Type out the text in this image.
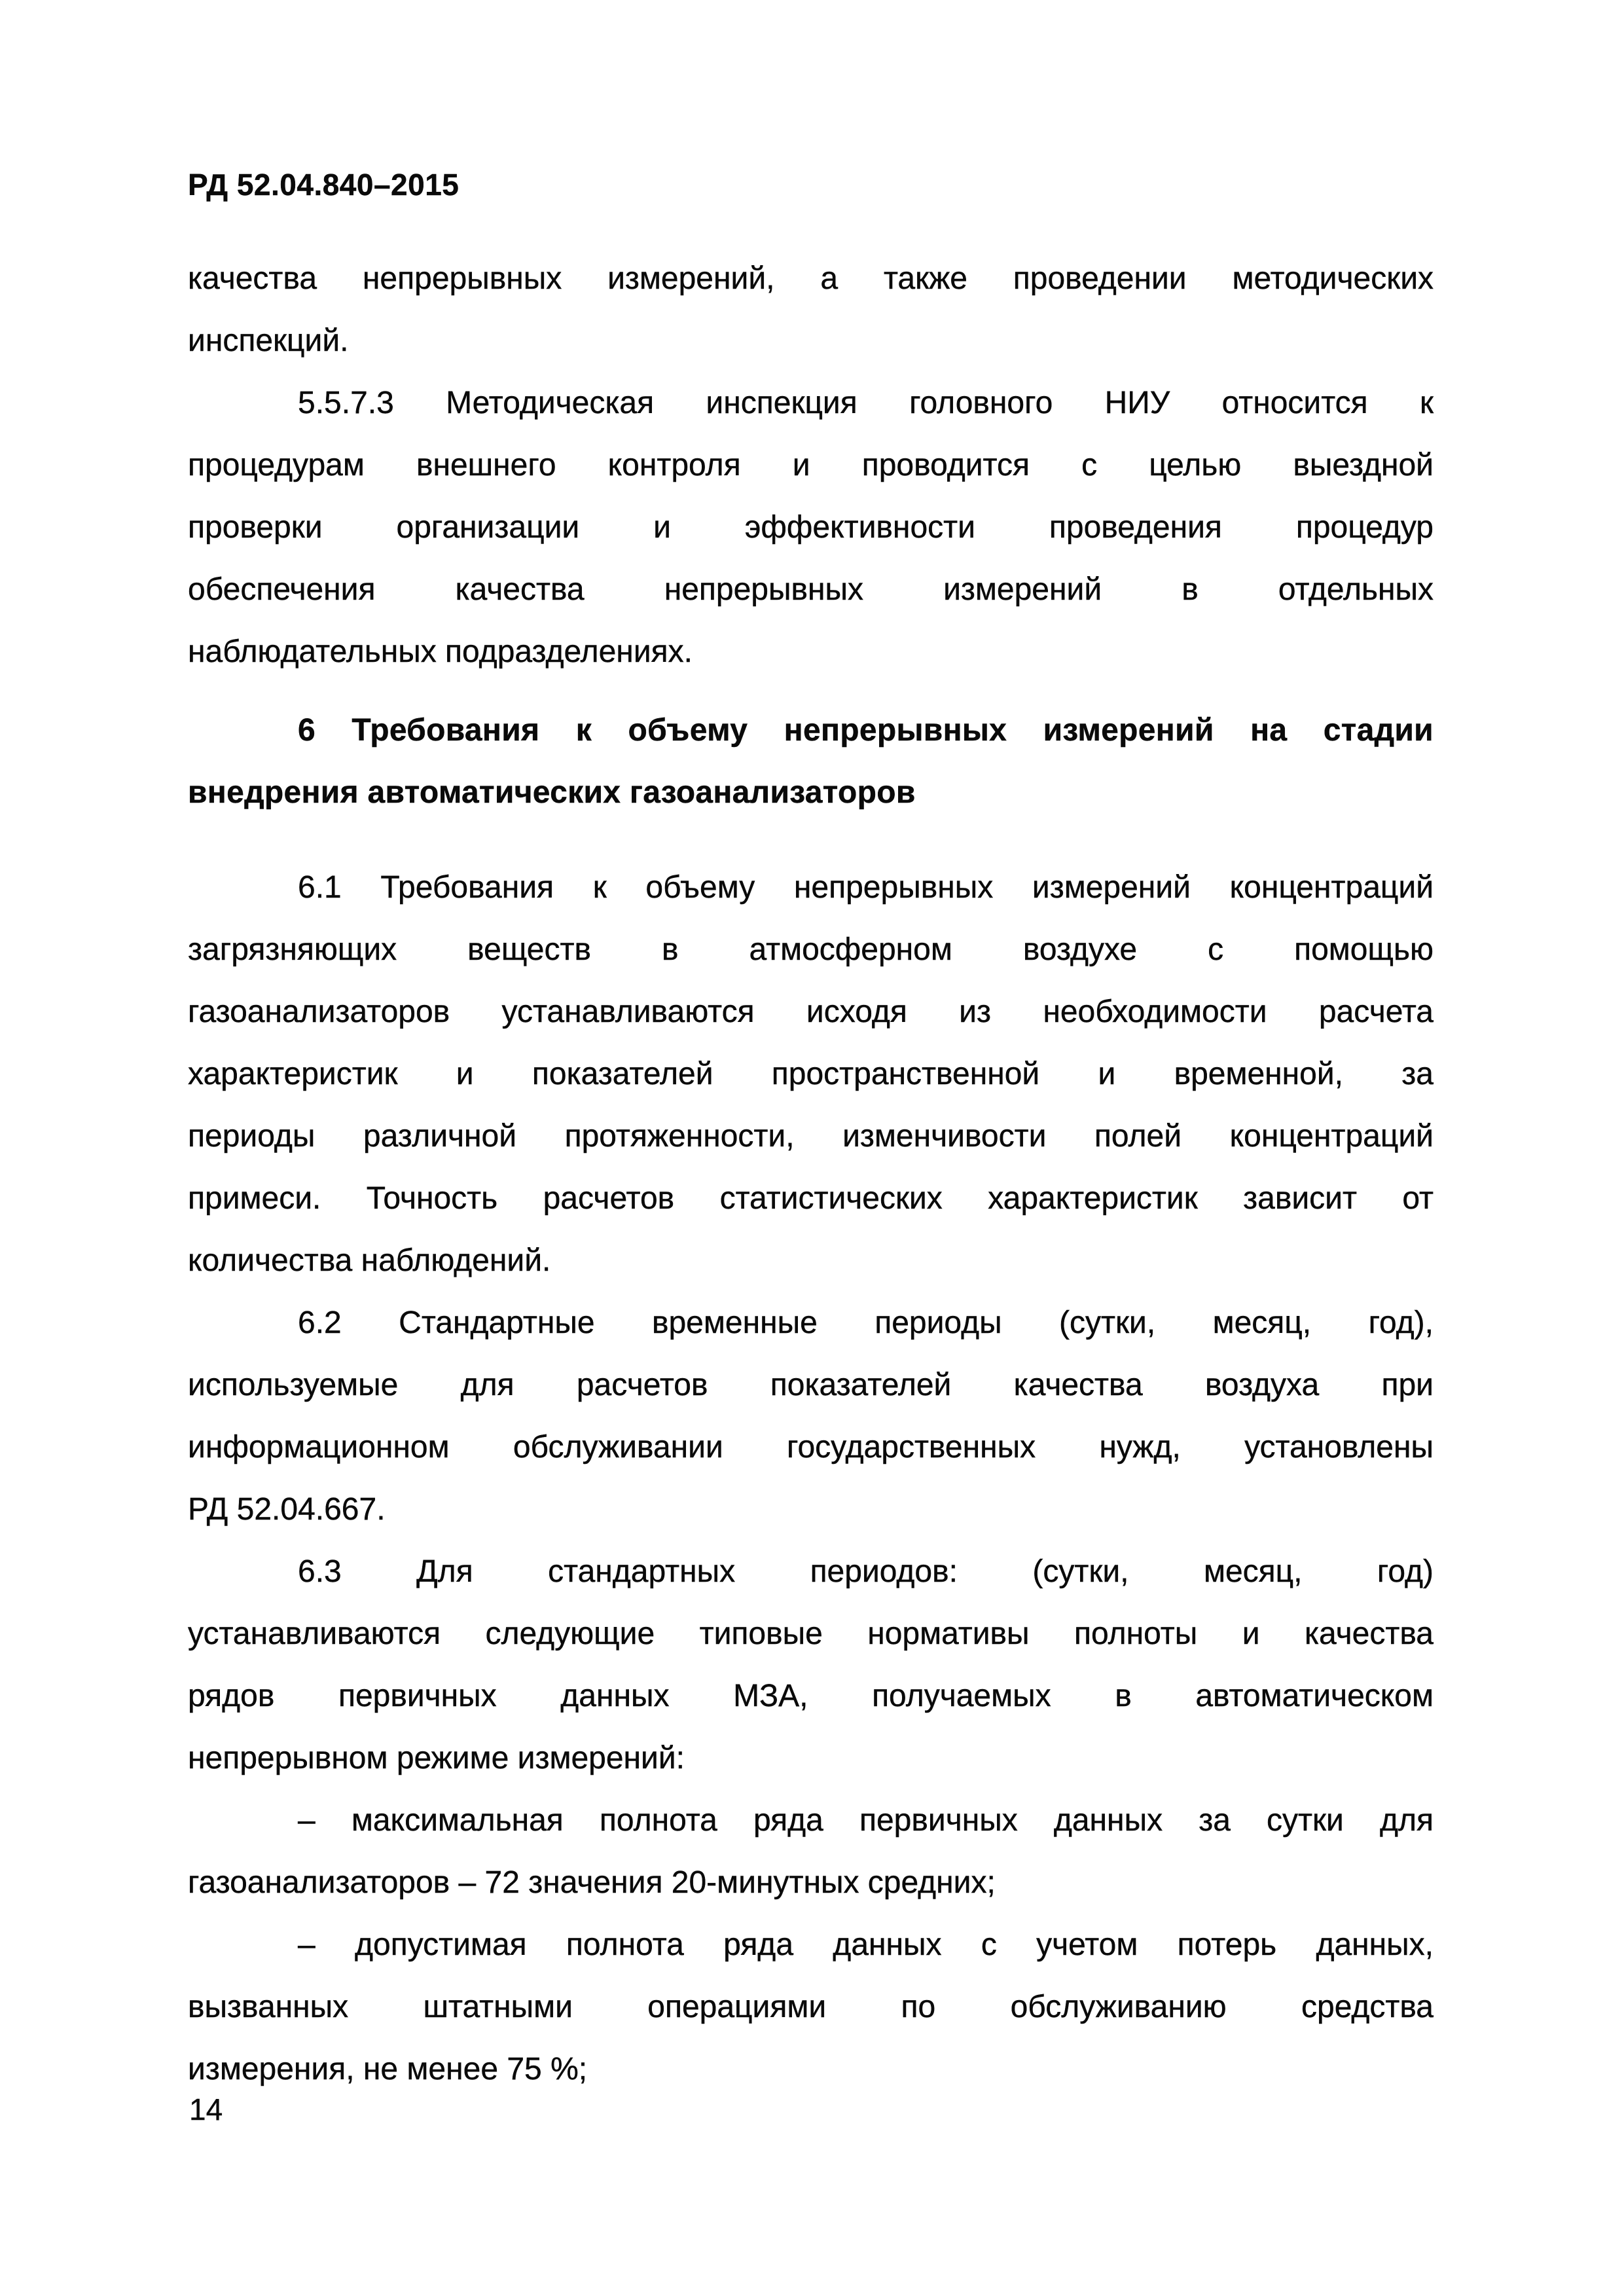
РД 52.04.840–2015
качества непрерывных измерений, а также проведении методических
инспекций.
5.5.7.3 Методическая инспекция головного НИУ относится к
процедурам внешнего контроля и проводится с целью выездной
проверки организации и эффективности проведения процедур
обеспечения качества непрерывных измерений в отдельных
наблюдательных подразделениях.
6 Требования к объему непрерывных измерений на стадии
внедрения автоматических газоанализаторов
6.1 Требования к объему непрерывных измерений концентраций
загрязняющих веществ в атмосферном воздухе с помощью
газоанализаторов устанавливаются исходя из необходимости расчета
характеристик и показателей пространственной и временной, за
периоды различной протяженности, изменчивости полей концентраций
примеси. Точность расчетов статистических характеристик зависит от
количества наблюдений.
6.2 Стандартные временные периоды (сутки, месяц, год),
используемые для расчетов показателей качества воздуха при
информационном обслуживании государственных нужд, установлены
РД 52.04.667.
6.3 Для стандартных периодов: (сутки, месяц, год)
устанавливаются следующие типовые нормативы полноты и качества
рядов первичных данных МЗА, получаемых в автоматическом
непрерывном режиме измерений:
– максимальная полнота ряда первичных данных за сутки для
газоанализаторов – 72 значения 20-минутных средних;
– допустимая полнота ряда данных с учетом потерь данных,
вызванных штатными операциями по обслуживанию средства
измерения, не менее 75 %;
14
